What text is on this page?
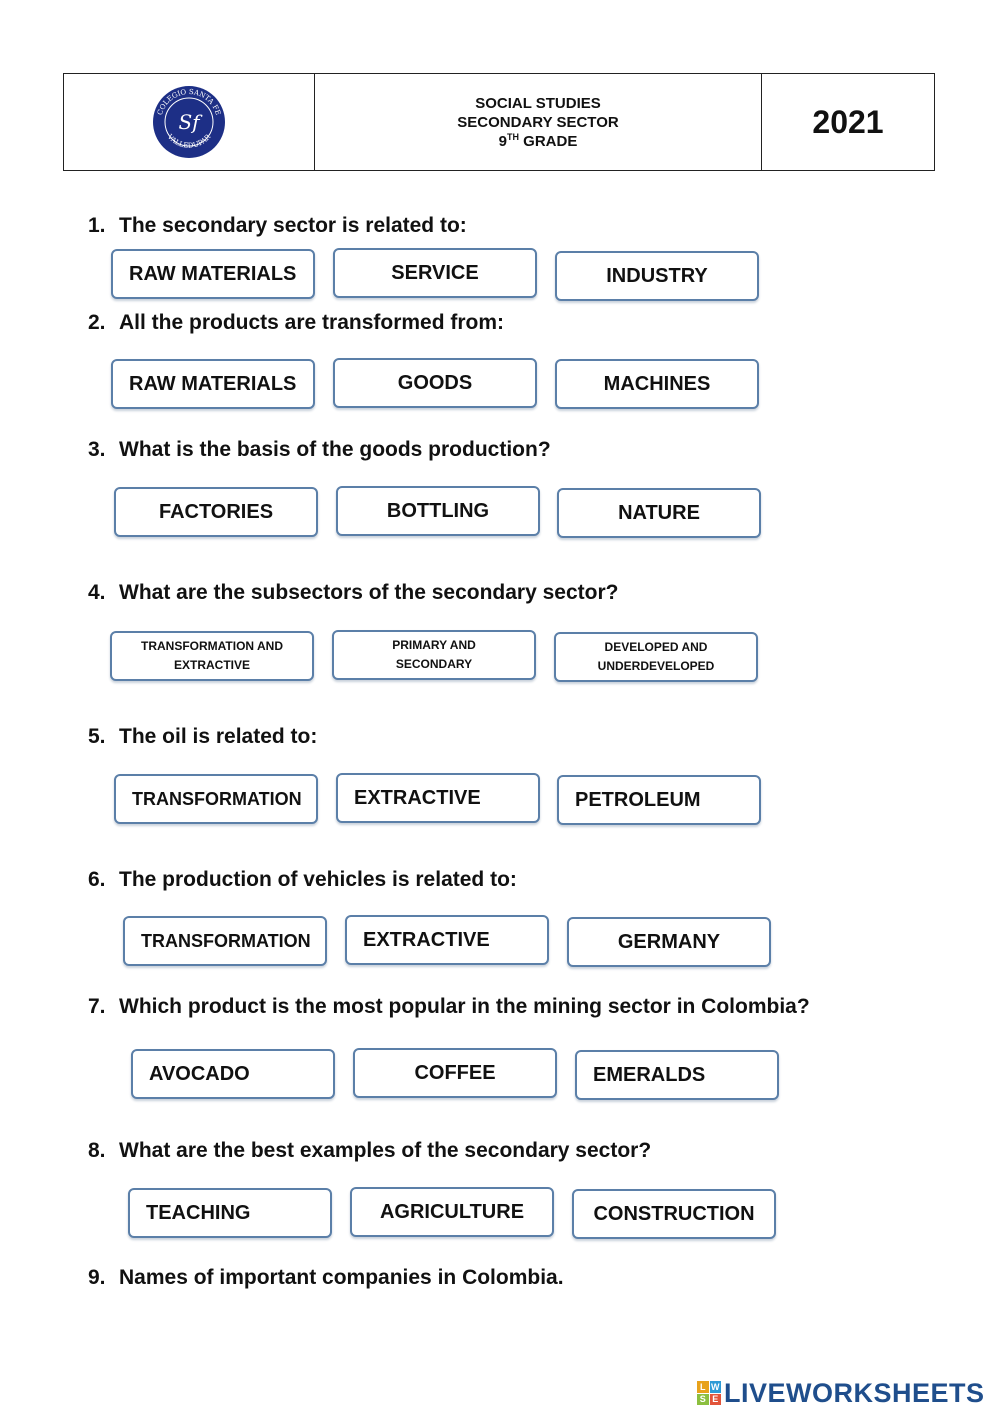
COLEGIO SANTA FE
VALLEDUPAR
Sf
SOCIAL STUDIES
SECONDARY SECTOR
9TH GRADE
2021
1. The secondary sector is related to:
RAW MATERIALS	SERVICE	INDUSTRY
2. All the products are transformed from:
RAW MATERIALS	GOODS	MACHINES
3. What is the basis of the goods production?
FACTORIES	BOTTLING	NATURE
4. What are the subsectors of the secondary sector?
TRANSFORMATION AND
EXTRACTIVE
PRIMARY AND
SECONDARY
DEVELOPED AND
UNDERDEVELOPED
5. The oil is related to:
TRANSFORMATION	EXTRACTIVE	PETROLEUM
6. The production of vehicles is related to:
TRANSFORMATION	EXTRACTIVE	GERMANY
7. Which product is the most popular in the mining sector in Colombia?
AVOCADO	COFFEE	EMERALDS
8. What are the best examples of the secondary sector?
TEACHING	AGRICULTURE	CONSTRUCTION
9. Names of important companies in Colombia.
L W
S E LIVEWORKSHEETS
